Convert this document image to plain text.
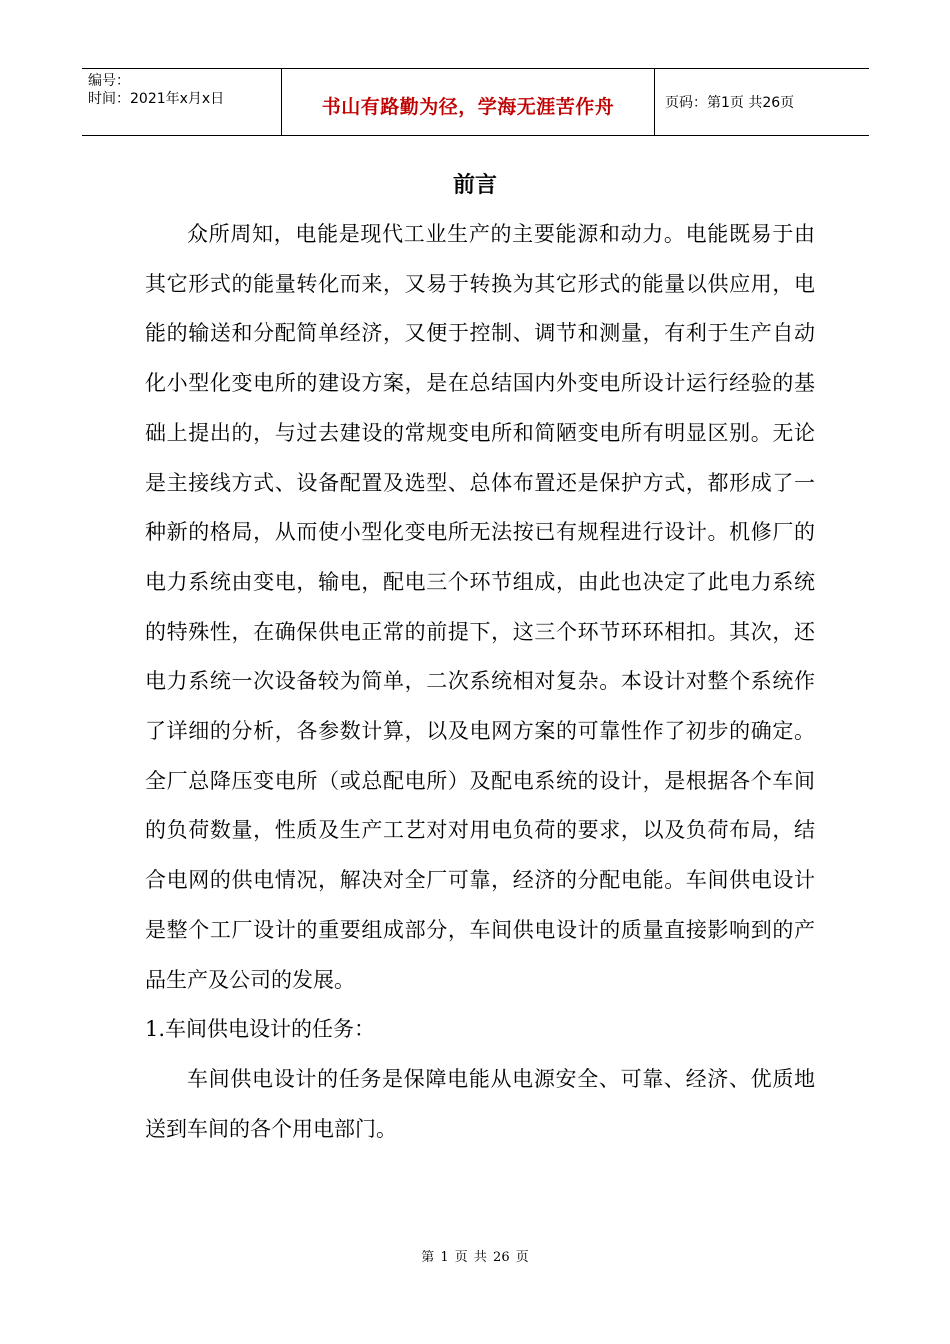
编号：
时间：2021年x月x日	书山有路勤为径，学海无涯苦作舟	页码：第1页 共26页
前言

众所周知，电能是现代工业生产的主要能源和动力。电能既易于由其它形式的能量转化而来，又易于转换为其它形式的能量以供应用，电能的输送和分配简单经济，又便于控制、调节和测量，有利于生产自动化小型化变电所的建设方案，是在总结国内外变电所设计运行经验的基础上提出的，与过去建设的常规变电所和简陋变电所有明显区别。无论是主接线方式、设备配置及选型、总体布置还是保护方式，都形成了一种新的格局，从而使小型化变电所无法按已有规程进行设计。机修厂的电力系统由变电，输电，配电三个环节组成，由此也决定了此电力系统的特殊性，在确保供电正常的前提下，这三个环节环环相扣。其次，还电力系统一次设备较为简单，二次系统相对复杂。本设计对整个系统作了详细的分析，各参数计算，以及电网方案的可靠性作了初步的确定。全厂总降压变电所（或总配电所）及配电系统的设计，是根据各个车间的负荷数量，性质及生产工艺对对用电负荷的要求，以及负荷布局，结合电网的供电情况，解决对全厂可靠，经济的分配电能。车间供电设计是整个工厂设计的重要组成部分，车间供电设计的质量直接影响到的产品生产及公司的发展。

1.车间供电设计的任务：

车间供电设计的任务是保障电能从电源安全、可靠、经济、优质地送到车间的各个用电部门。

第 1 页 共 26 页
